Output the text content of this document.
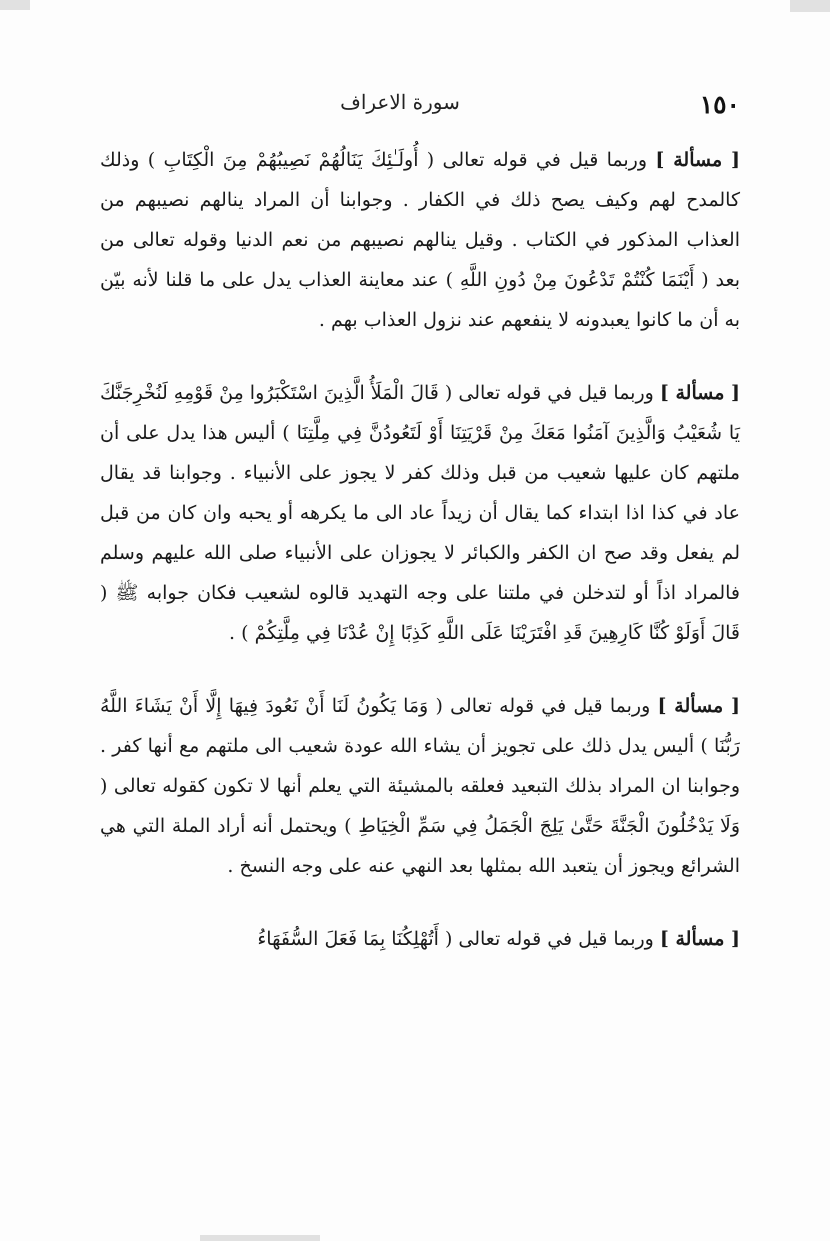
١٥٠
سورة الاعراف

[ مسألة ] وربما قيل في قوله تعالى ( أُولَـٰئِكَ يَنَالُهُمْ نَصِيبُهُمْ مِنَ الْكِتَابِ ) وذلك كالمدح لهم وكيف يصح ذلك في الكفار . وجوابنا أن المراد ينالهم نصيبهم من العذاب المذكور في الكتاب . وقيل ينالهم نصيبهم من نعم الدنيا وقوله تعالى من بعد ( أَيْنَمَا كُنْتُمْ تَدْعُونَ مِنْ دُونِ اللَّهِ ) عند معاينة العذاب يدل على ما قلنا لأنه بيّن به أن ما كانوا يعبدونه لا ينفعهم عند نزول العذاب بهم .

[ مسألة ] وربما قيل في قوله تعالى ( قَالَ الْمَلَأُ الَّذِينَ اسْتَكْبَرُوا مِنْ قَوْمِهِ لَنُخْرِجَنَّكَ يَا شُعَيْبُ وَالَّذِينَ آمَنُوا مَعَكَ مِنْ قَرْيَتِنَا أَوْ لَتَعُودُنَّ فِي مِلَّتِنَا ) أليس هذا يدل على أن ملتهم كان عليها شعيب من قبل وذلك كفر لا يجوز على الأنبياء . وجوابنا قد يقال عاد في كذا اذا ابتداء كما يقال أن زيداً عاد الى ما يكرهه أو يحبه وان كان من قبل لم يفعل وقد صح ان الكفر والكبائر لا يجوزان على الأنبياء صلى الله عليهم وسلم فالمراد اذاً أو لتدخلن في ملتنا على وجه التهديد قالوه لشعيب فكان جوابه ﷺ ( قَالَ أَوَلَوْ كُنَّا كَارِهِينَ قَدِ افْتَرَيْنَا عَلَى اللَّهِ كَذِبًا إِنْ عُدْنَا فِي مِلَّتِكُمْ ) .

[ مسألة ] وربما قيل في قوله تعالى ( وَمَا يَكُونُ لَنَا أَنْ نَعُودَ فِيهَا إِلَّا أَنْ يَشَاءَ اللَّهُ رَبُّنَا ) أليس يدل ذلك على تجويز أن يشاء الله عودة شعيب الى ملتهم مع أنها كفر . وجوابنا ان المراد بذلك التبعيد فعلقه بالمشيئة التي يعلم أنها لا تكون كقوله تعالى ( وَلَا يَدْخُلُونَ الْجَنَّةَ حَتَّىٰ يَلِجَ الْجَمَلُ فِي سَمِّ الْخِيَاطِ ) ويحتمل أنه أراد الملة التي هي الشرائع ويجوز أن يتعبد الله بمثلها بعد النهي عنه على وجه النسخ .

[ مسألة ] وربما قيل في قوله تعالى ( أَتُهْلِكُنَا بِمَا فَعَلَ السُّفَهَاءُ
